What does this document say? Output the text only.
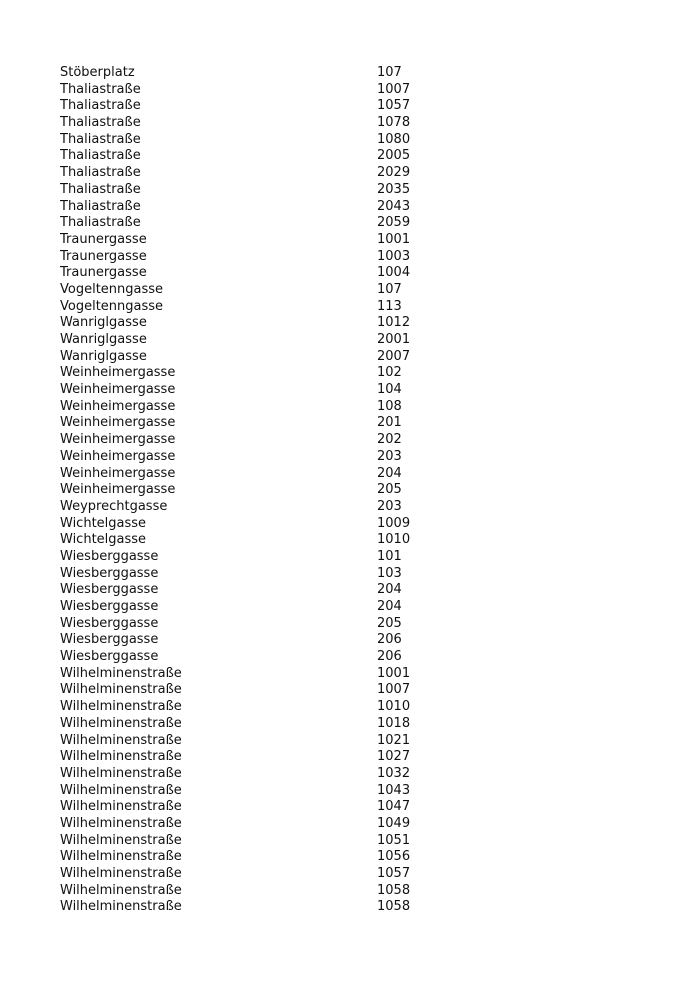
Stöberplatz	107
Thaliastraße	1007
Thaliastraße	1057
Thaliastraße	1078
Thaliastraße	1080
Thaliastraße	2005
Thaliastraße	2029
Thaliastraße	2035
Thaliastraße	2043
Thaliastraße	2059
Traunergasse	1001
Traunergasse	1003
Traunergasse	1004
Vogeltenngasse	107
Vogeltenngasse	113
Wanriglgasse	1012
Wanriglgasse	2001
Wanriglgasse	2007
Weinheimergasse	102
Weinheimergasse	104
Weinheimergasse	108
Weinheimergasse	201
Weinheimergasse	202
Weinheimergasse	203
Weinheimergasse	204
Weinheimergasse	205
Weyprechtgasse	203
Wichtelgasse	1009
Wichtelgasse	1010
Wiesberggasse	101
Wiesberggasse	103
Wiesberggasse	204
Wiesberggasse	204
Wiesberggasse	205
Wiesberggasse	206
Wiesberggasse	206
Wilhelminenstraße	1001
Wilhelminenstraße	1007
Wilhelminenstraße	1010
Wilhelminenstraße	1018
Wilhelminenstraße	1021
Wilhelminenstraße	1027
Wilhelminenstraße	1032
Wilhelminenstraße	1043
Wilhelminenstraße	1047
Wilhelminenstraße	1049
Wilhelminenstraße	1051
Wilhelminenstraße	1056
Wilhelminenstraße	1057
Wilhelminenstraße	1058
Wilhelminenstraße	1058
